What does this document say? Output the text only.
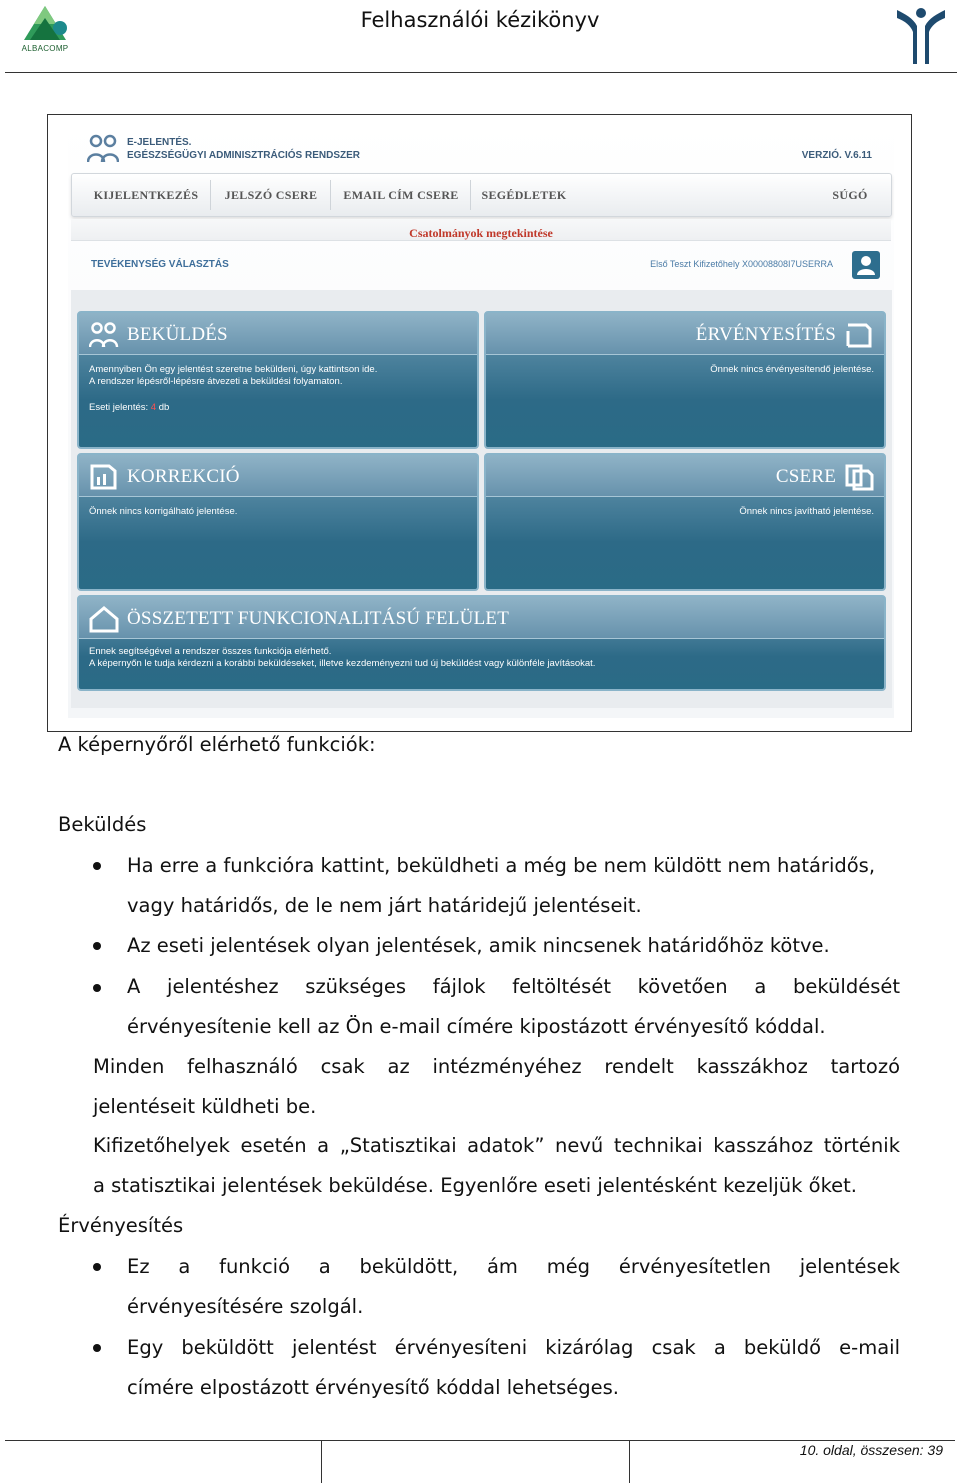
ALBACOMP
Felhasználói kézikönyv
E-JELENTÉS.
EGÉSZSÉGÜGYI ADMINISZTRÁCIÓS RENDSZER	VERZIÓ. V.6.11
KIJELENTKEZÉS	JELSZÓ CSERE	EMAIL CÍM CSERE	SEGÉDLETEK	SÚGÓ
Csatolmányok megtekintése
TEVÉKENYSÉG VÁLASZTÁS	Első Teszt Kifizetőhely X00008808I7USERRA
BEKÜLDÉS
Amennyiben Ön egy jelentést szeretne beküldeni, úgy kattintson ide.
A rendszer lépésről-lépésre átvezeti a beküldési folyamaton.
Eseti jelentés: 4 db
ÉRVÉNYESÍTÉS
Önnek nincs érvényesítendő jelentése.
KORREKCIÓ
Önnek nincs korrigálható jelentése.
CSERE
Önnek nincs javítható jelentése.
ÖSSZETETT FUNKCIONALITÁSÚ FELÜLET
Ennek segítségével a rendszer összes funkciója elérhető.
A képernyőn le tudja kérdezni a korábbi beküldéseket, illetve kezdeményezni tud új beküldést vagy különféle javításokat.
A képernyőről elérhető funkciók:
Beküldés
Ha erre a funkcióra kattint, beküldheti a még be nem küldött nem határidős,
vagy határidős, de le nem járt határidejű jelentéseit.
Az eseti jelentések olyan jelentések, amik nincsenek határidőhöz kötve.
A jelentéshez szükséges fájlok feltöltését követően a beküldését
érvényesítenie kell az Ön e-mail címére kipostázott érvényesítő kóddal.
Minden felhasználó csak az intézményéhez rendelt kasszákhoz tartozó
jelentéseit küldheti be.
Kifizetőhelyek esetén a „Statisztikai adatok” nevű technikai kasszához történik
a statisztikai jelentések beküldése. Egyenlőre eseti jelentésként kezeljük őket.
Érvényesítés
Ez a funkció a beküldött, ám még érvényesítetlen jelentések
érvényesítésére szolgál.
Egy beküldött jelentést érvényesíteni kizárólag csak a beküldő e-mail
címére elpostázott érvényesítő kóddal lehetséges.
10. oldal, összesen: 39
